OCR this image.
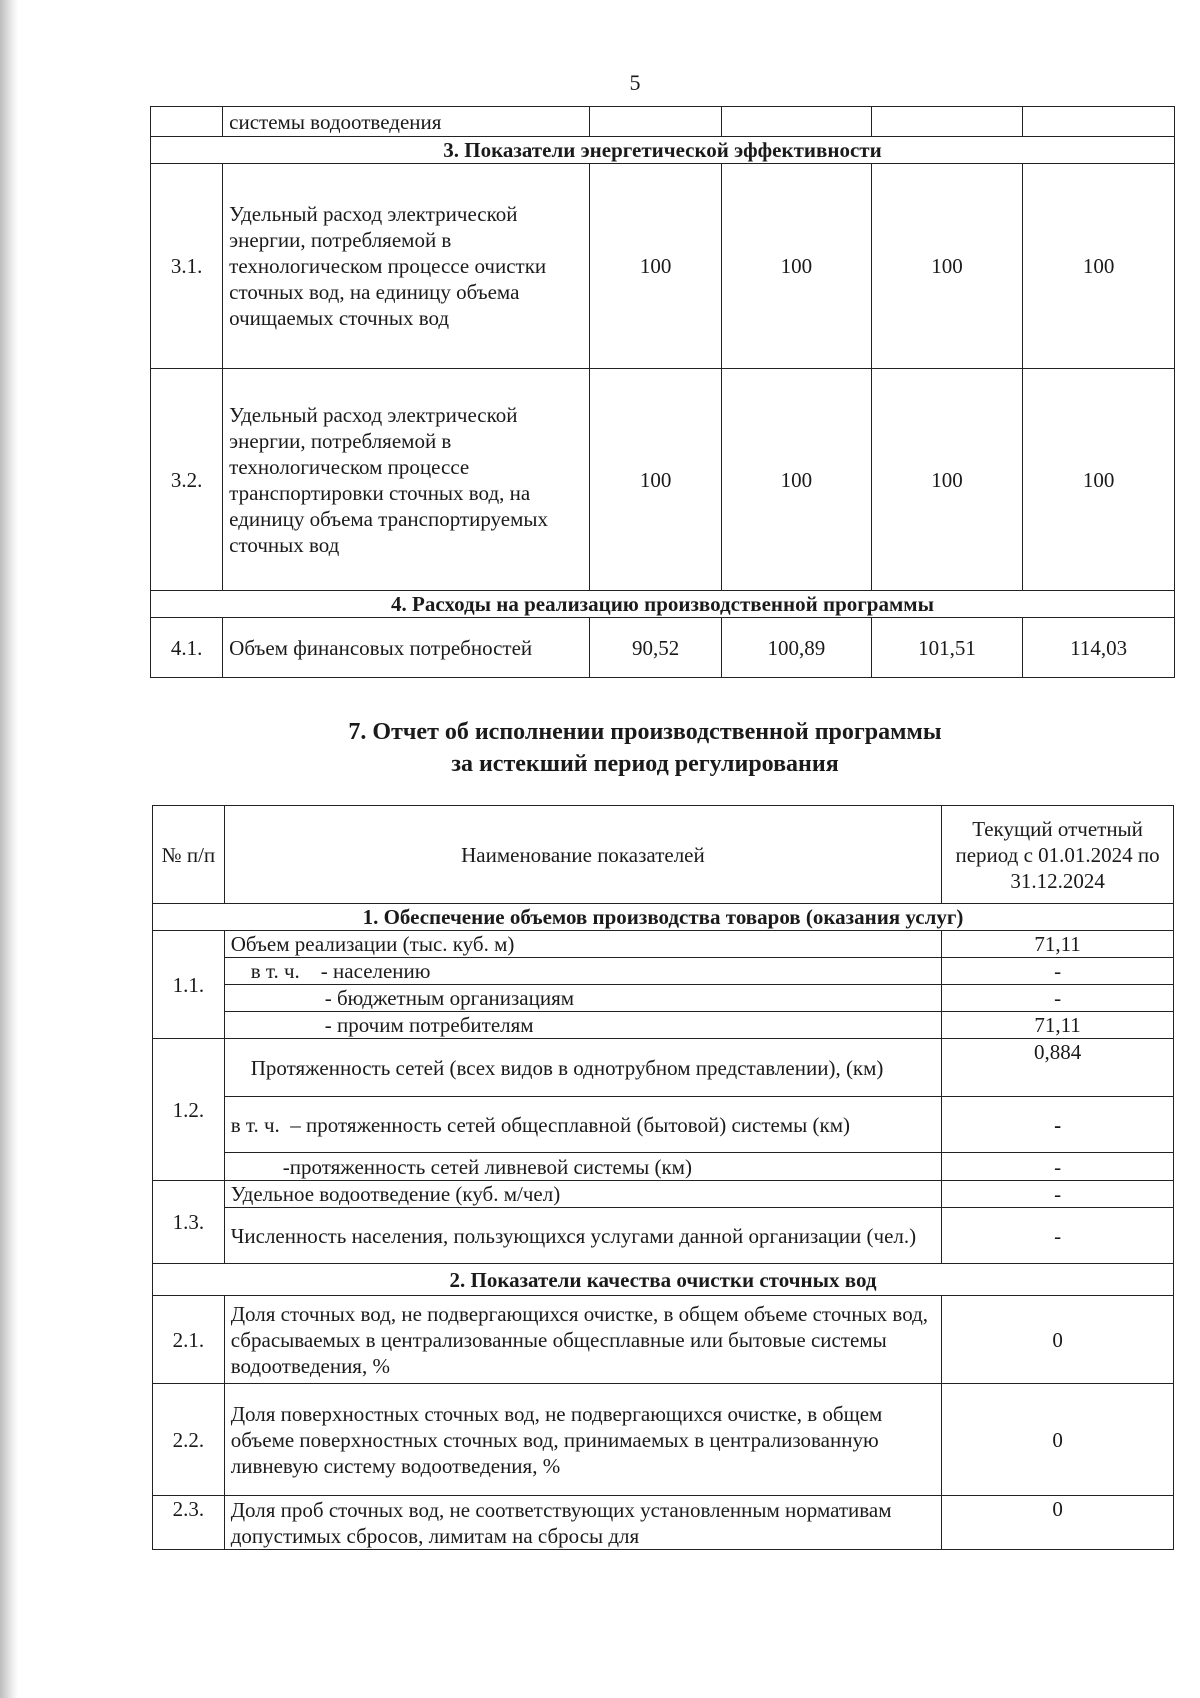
5
	системы водоотведения				
3. Показатели энергетической эффективности					
3.1.	Удельный расход электрической энергии, потребляемой в технологическом процессе очистки сточных вод, на единицу объема очищаемых сточных вод	100	100	100	100
3.2.	Удельный расход электрической энергии, потребляемой в технологическом процессе транспортировки сточных вод, на единицу объема транспортируемых сточных вод	100	100	100	100
4. Расходы на реализацию производственной программы					
4.1.	Объем финансовых потребностей	90,52	100,89	101,51	114,03
7. Отчет об исполнении производственной программы
за истекший период регулирования
№ п/п	Наименование показателей	Текущий отчетный период с 01.01.2024 по 31.12.2024
1. Обеспечение объемов производства товаров (оказания услуг)		
1.1.	Объем реализации (тыс. куб. м)	71,11
	в т. ч.    - населению	-
	- бюджетным организациям	-
	- прочим потребителям	71,11
1.2.	Протяженность сетей (всех видов в однотрубном представлении), (км)	0,884
	в т. ч.  – протяженность сетей общесплавной (бытовой) системы (км)	-
	-протяженность сетей ливневой системы (км)	-
1.3.	Удельное водоотведение (куб. м/чел)	-
	Численность населения, пользующихся услугами данной организации (чел.)	-
2. Показатели качества очистки сточных вод		
2.1.	Доля сточных вод, не подвергающихся очистке, в общем объеме сточных вод, сбрасываемых в централизованные общесплавные или бытовые системы водоотведения, %	0
2.2.	Доля поверхностных сточных вод, не подвергающихся очистке, в общем объеме поверхностных сточных вод, принимаемых в централизованную ливневую систему водоотведения, %	0
2.3.	Доля проб сточных вод, не соответствующих установленным нормативам допустимых сбросов, лимитам на сбросы для	0
